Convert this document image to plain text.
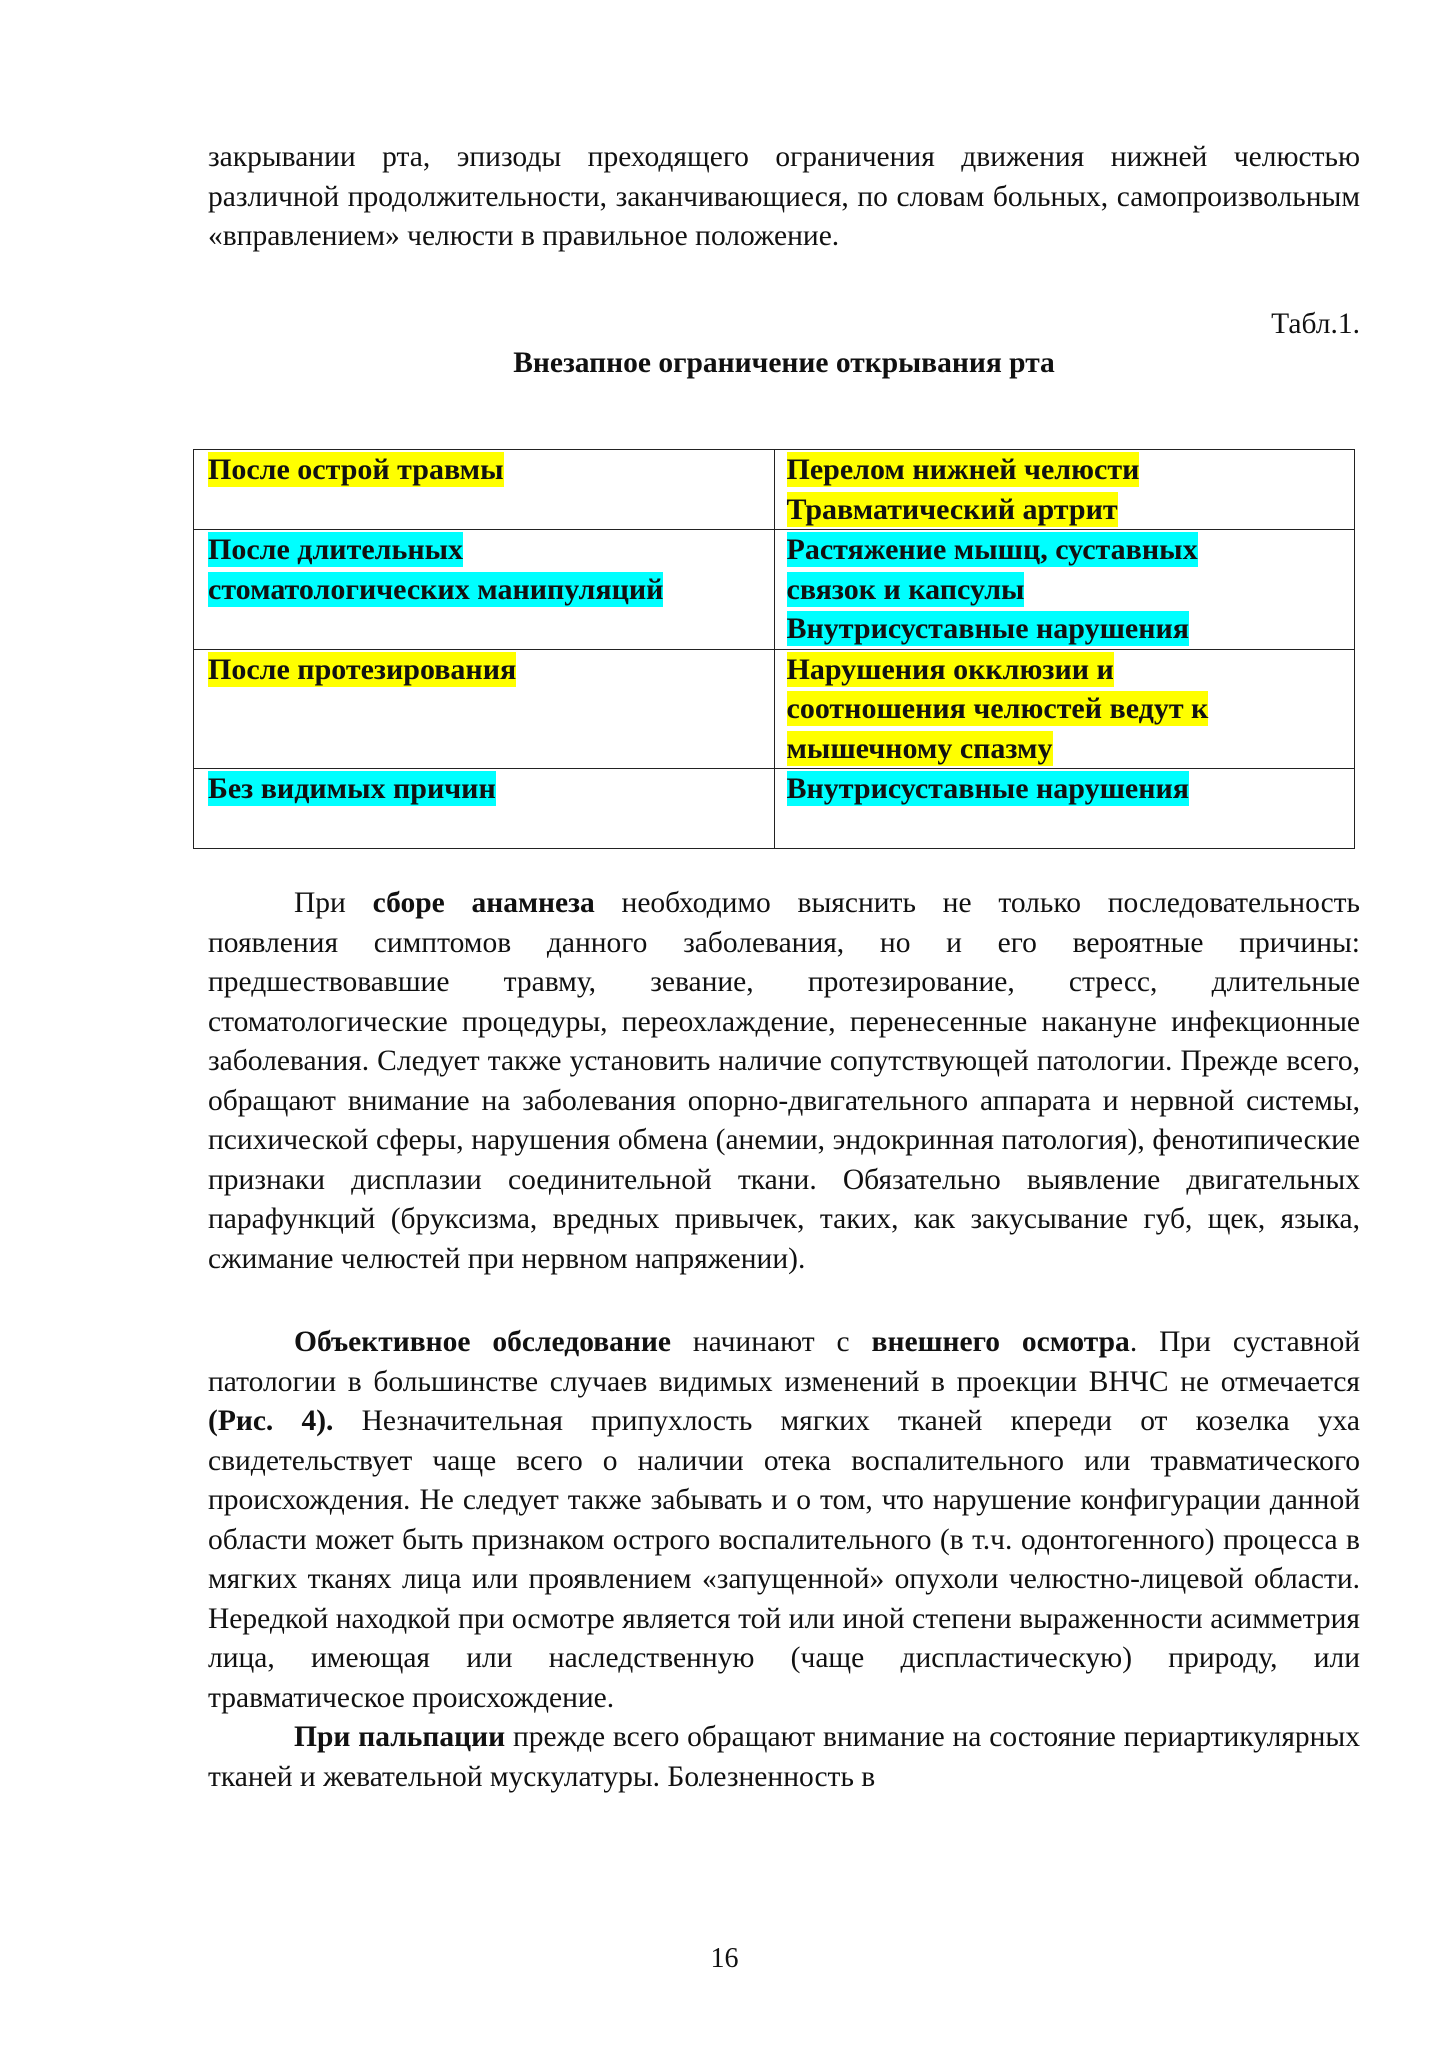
закрывании рта, эпизоды преходящего ограничения движения нижней челюстью различной продолжительности, заканчивающиеся, по словам больных, самопроизвольным «вправлением» челюсти в правильное положение.

Табл.1.

Внезапное ограничение открывания рта

После острой травмы	Перелом нижней челюсти
Травматический артрит
После длительных
стоматологических манипуляций	Растяжение мышц, суставных
связок и капсулы
Внутрисуставные нарушения
После протезирования	Нарушения окклюзии и
соотношения челюстей ведут к
мышечному спазму
Без видимых причин	Внутрисуставные нарушения

При сборе анамнеза необходимо выяснить не только последовательность появления симптомов данного заболевания, но и его вероятные причины: предшествовавшие травму, зевание, протезирование, стресс, длительные стоматологические процедуры, переохлаждение, перенесенные накануне инфекционные заболевания. Следует также установить наличие сопутствующей патологии. Прежде всего, обращают внимание на заболевания опорно-двигательного аппарата и нервной системы, психической сферы, нарушения обмена (анемии, эндокринная патология), фенотипические признаки дисплазии соединительной ткани. Обязательно выявление двигательных парафункций (бруксизма, вредных привычек, таких, как закусывание губ, щек, языка, сжимание челюстей при нервном напряжении).

Объективное обследование начинают с внешнего осмотра. При суставной патологии в большинстве случаев видимых изменений в проекции ВНЧС не отмечается (Рис. 4). Незначительная припухлость мягких тканей кпереди от козелка уха свидетельствует чаще всего о наличии отека воспалительного или травматического происхождения. Не следует также забывать и о том, что нарушение конфигурации данной области может быть признаком острого воспалительного (в т.ч. одонтогенного) процесса в мягких тканях лица или проявлением «запущенной» опухоли челюстно-лицевой области. Нередкой находкой при осмотре является той или иной степени выраженности асимметрия лица, имеющая или наследственную (чаще диспластическую) природу, или травматическое происхождение.

При пальпации прежде всего обращают внимание на состояние периартикулярных тканей и жевательной мускулатуры. Болезненность в

16
